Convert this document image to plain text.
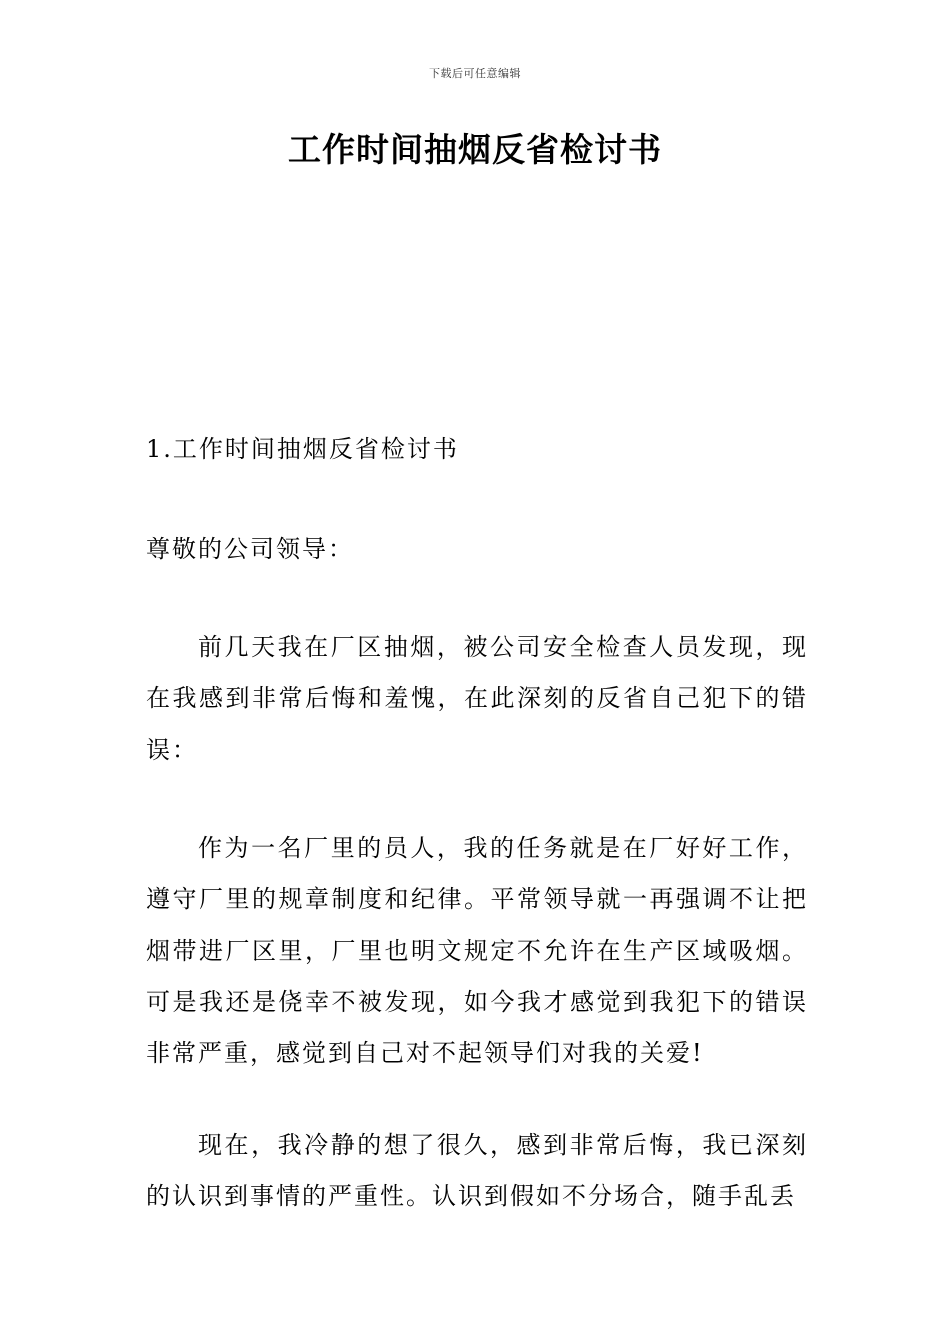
下载后可任意编辑
工作时间抽烟反省检讨书

1.工作时间抽烟反省检讨书

尊敬的公司领导：

前几天我在厂区抽烟，被公司安全检查人员发现，现在我感到非常后悔和羞愧，在此深刻的反省自己犯下的错误：

作为一名厂里的员人，我的任务就是在厂好好工作，遵守厂里的规章制度和纪律。平常领导就一再强调不让把烟带进厂区里，厂里也明文规定不允许在生产区域吸烟。可是我还是侥幸不被发现，如今我才感觉到我犯下的错误非常严重，感觉到自己对不起领导们对我的关爱!

现在，我冷静的想了很久，感到非常后悔，我已深刻的认识到事情的严重性。认识到假如不分场合，随手乱丢
